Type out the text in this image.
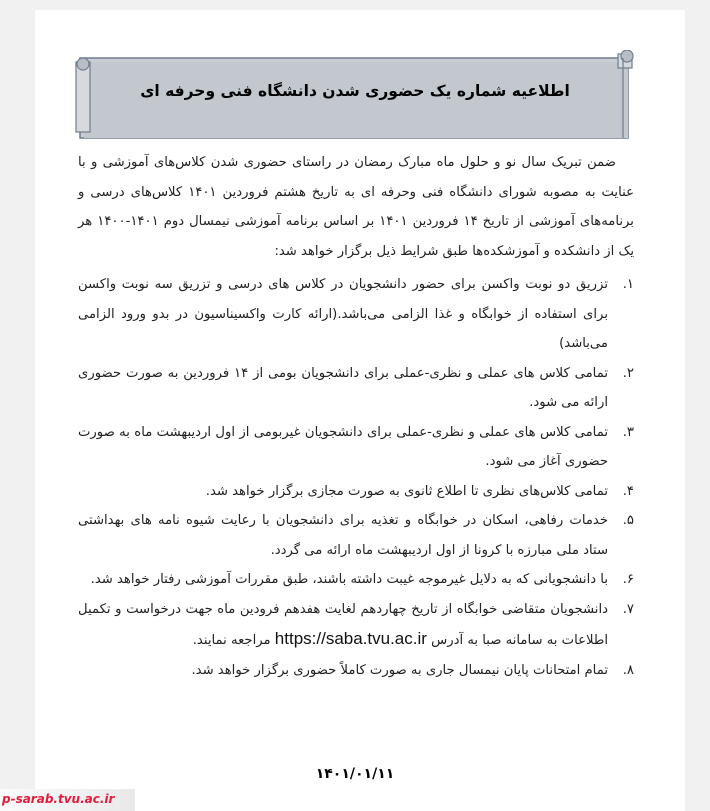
اطلاعیه شماره یک حضوری شدن دانشگاه فنی وحرفه ای

ضمن تبریک سال نو و حلول ماه مبارک رمضان در راستای حضوری شدن کلاس‌های آموزشی و با عنایت به مصوبه شورای دانشگاه فنی وحرفه ای به تاریخ هشتم فروردین ۱۴۰۱ کلاس‌های درسی و برنامه‌های آموزشی از تاریخ ۱۴ فروردین ۱۴۰۱ بر اساس برنامه آموزشی نیمسال دوم ۱۴۰۱-۱۴۰۰ هر یک از دانشکده و آموزشکده‌ها طبق شرایط ذیل برگزار خواهد شد:

۱.
تزریق دو نوبت واکسن برای حضور دانشجویان در کلاس های درسی و تزریق سه نوبت واکسن برای استفاده از خوابگاه و غذا الزامی می‌باشد.(ارائه کارت واکسیناسیون در بدو ورود الزامی می‌باشد)
۲.
تمامی کلاس های عملی و نظری-عملی برای دانشجویان بومی از ۱۴ فروردین به صورت حضوری ارائه می شود.
۳.
تمامی کلاس های عملی و نظری-عملی برای دانشجویان غیربومی از اول اردیبهشت ماه به صورت حضوری آغاز می شود.
۴.
تمامی کلاس‌های نظری تا اطلاع ثانوی به صورت مجازی برگزار خواهد شد.
۵.
خدمات رفاهی، اسکان در خوابگاه و تغذیه برای دانشجویان با رعایت شیوه نامه های بهداشتی ستاد ملی مبارزه با کرونا از اول اردیبهشت ماه ارائه می گردد.
۶.
با دانشجویانی که به دلایل غیرموجه غیبت داشته باشند، طبق مقررات آموزشی رفتار خواهد شد.
۷.
دانشجویان متقاضی خوابگاه از تاریخ چهاردهم لغایت هفدهم فرودین ماه جهت درخواست و تکمیل اطلاعات به سامانه صبا به آدرس https://saba.tvu.ac.ir مراجعه نمایند.
۸.
تمام امتحانات پایان نیمسال جاری به صورت کاملاً حضوری برگزار خواهد شد.
۱۴۰۱/۰۱/۱۱
p-sarab.tvu.ac.ir
